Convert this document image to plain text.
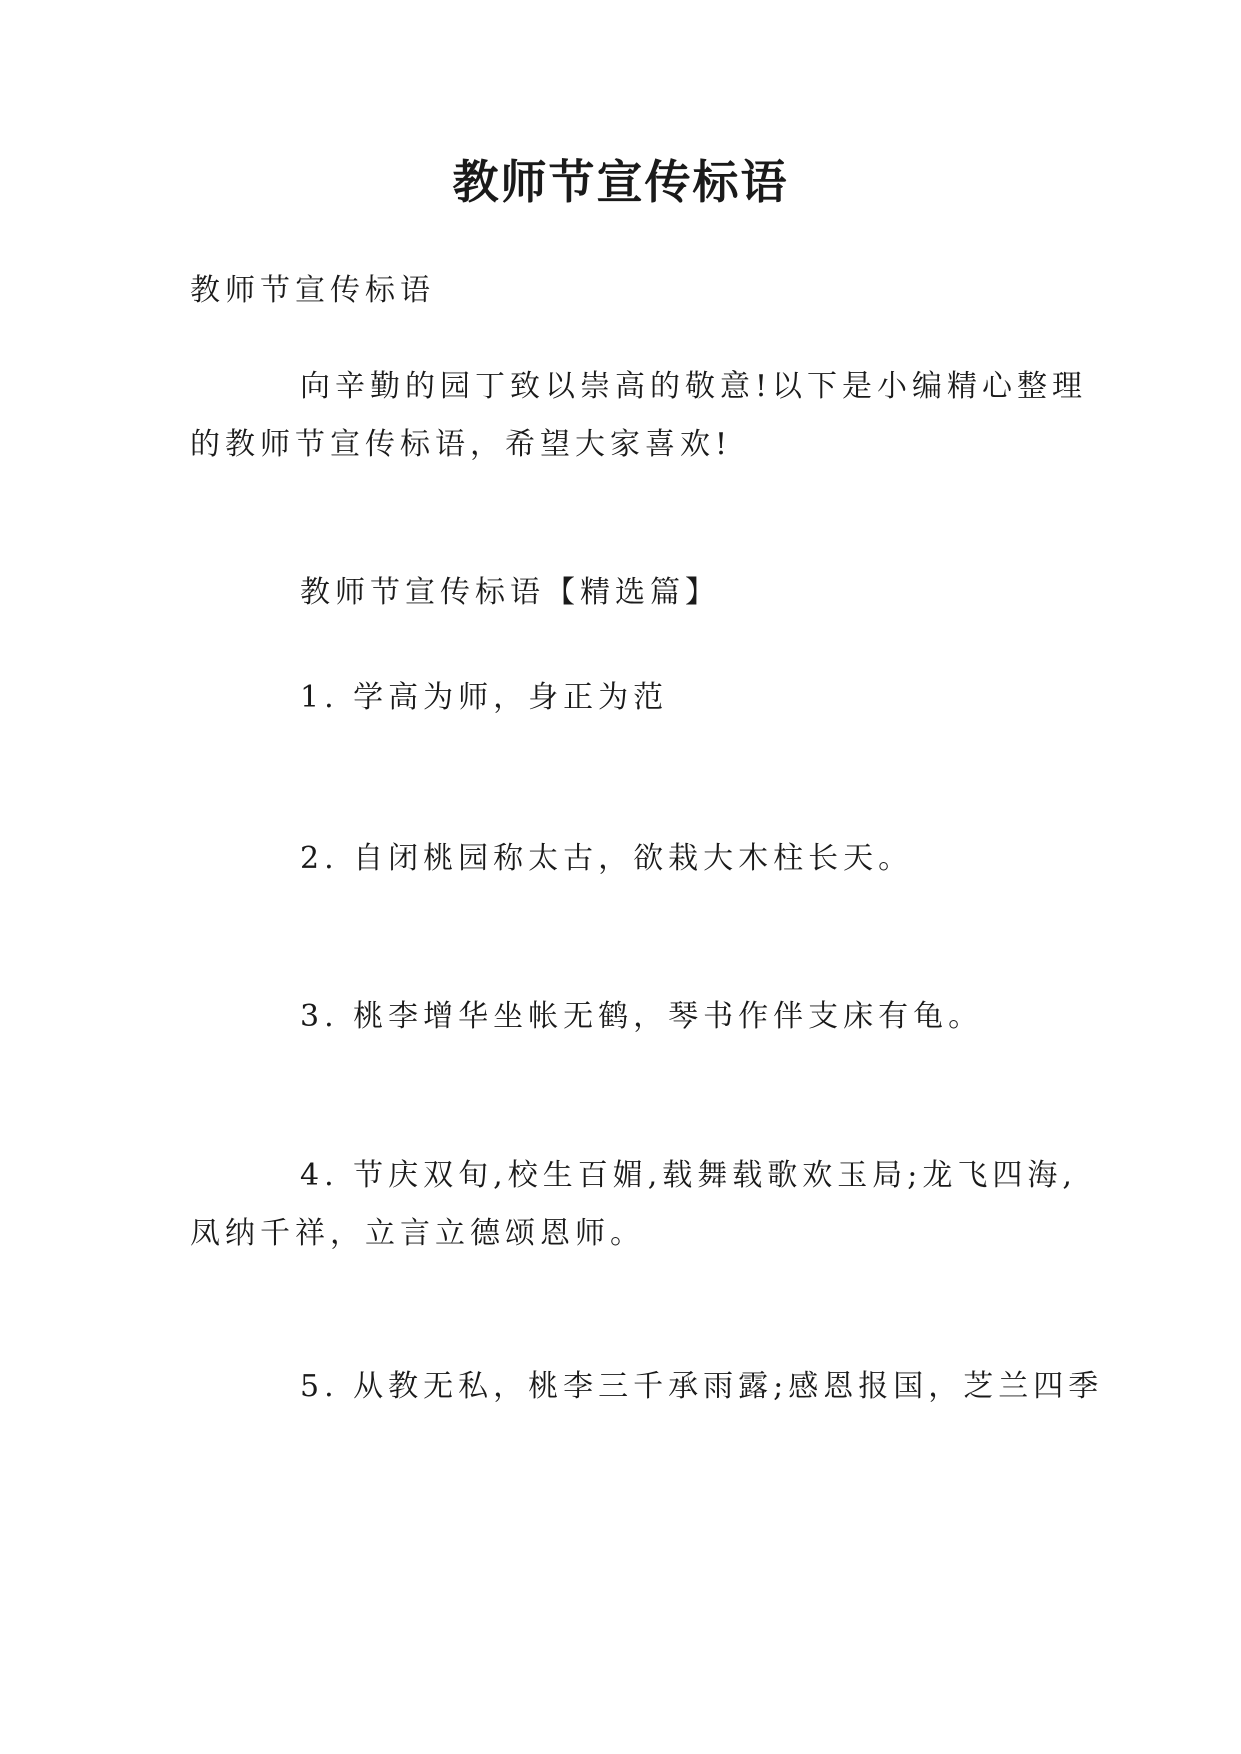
教师节宣传标语
教师节宣传标语
向辛勤的园丁致以崇高的敬意!以下是小编精心整理
的教师节宣传标语，希望大家喜欢!
教师节宣传标语【精选篇】
1. 学高为师，身正为范
2. 自闭桃园称太古，欲栽大木柱长天。
3. 桃李增华坐帐无鹤，琴书作伴支床有龟。
4. 节庆双旬,校生百媚,载舞载歌欢玉局;龙飞四海,
凤纳千祥，立言立德颂恩师。
5. 从教无私，桃李三千承雨露;感恩报国，芝兰四季
